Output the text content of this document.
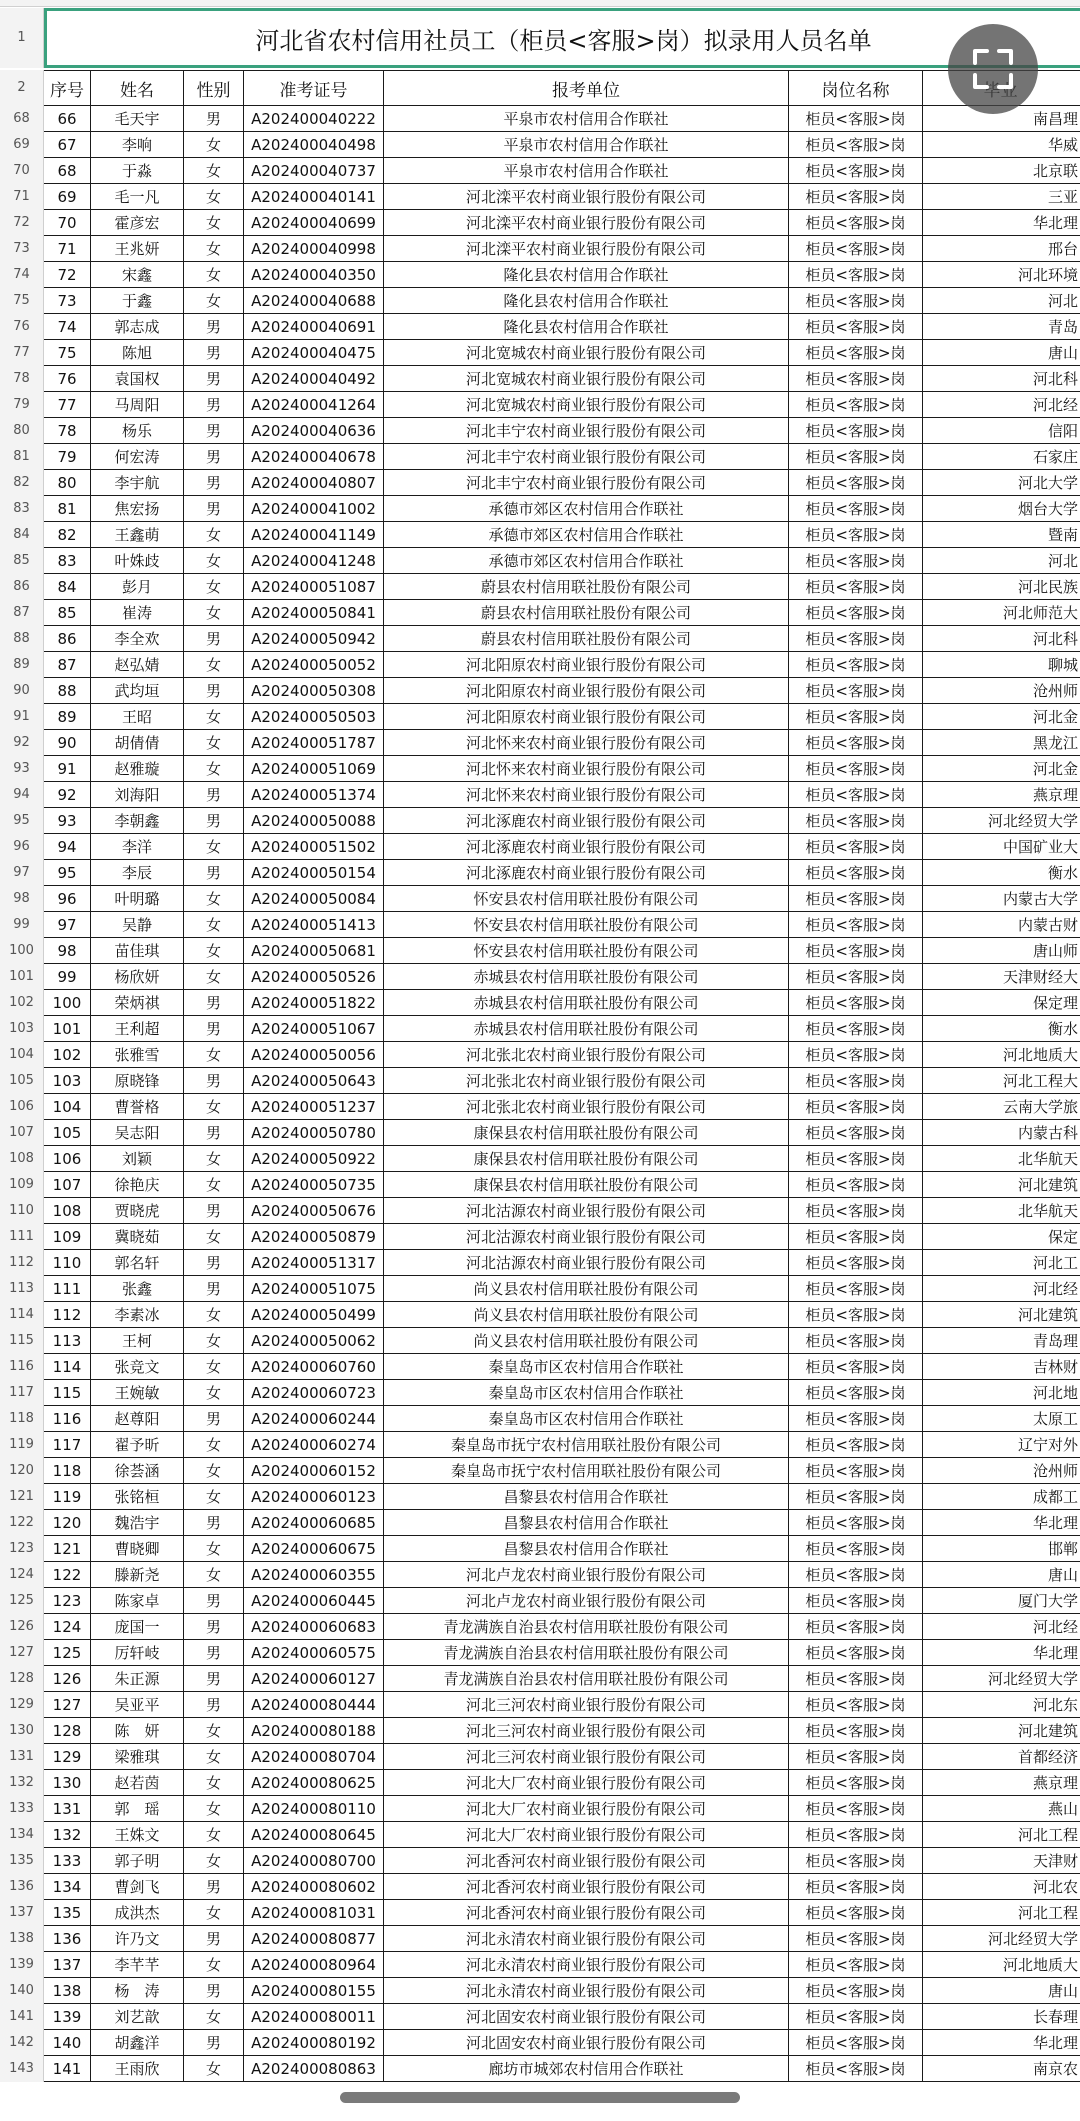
1	河北省农村信用社员工（柜员<客服>岗）拟录用人员名单
2	序号	姓名	性别	准考证号	报考单位	岗位名称
68	66	毛天宇	男	A202400040222	平泉市农村信用合作联社	柜员<客服>岗	南昌理
69	67	李响	女	A202400040498	平泉市农村信用合作联社	柜员<客服>岗	华威
70	68	于淼	女	A202400040737	平泉市农村信用合作联社	柜员<客服>岗	北京联
71	69	毛一凡	女	A202400040141	河北滦平农村商业银行股份有限公司	柜员<客服>岗	三亚
72	70	霍彦宏	女	A202400040699	河北滦平农村商业银行股份有限公司	柜员<客服>岗	华北理
73	71	王兆妍	女	A202400040998	河北滦平农村商业银行股份有限公司	柜员<客服>岗	邢台
74	72	宋鑫	女	A202400040350	隆化县农村信用合作联社	柜员<客服>岗	河北环境
75	73	于鑫	女	A202400040688	隆化县农村信用合作联社	柜员<客服>岗	河北
76	74	郭志成	男	A202400040691	隆化县农村信用合作联社	柜员<客服>岗	青岛
77	75	陈旭	男	A202400040475	河北宽城农村商业银行股份有限公司	柜员<客服>岗	唐山
78	76	袁国权	男	A202400040492	河北宽城农村商业银行股份有限公司	柜员<客服>岗	河北科
79	77	马周阳	男	A202400041264	河北宽城农村商业银行股份有限公司	柜员<客服>岗	河北经
80	78	杨乐	男	A202400040636	河北丰宁农村商业银行股份有限公司	柜员<客服>岗	信阳
81	79	何宏涛	男	A202400040678	河北丰宁农村商业银行股份有限公司	柜员<客服>岗	石家庄
82	80	李宇航	男	A202400040807	河北丰宁农村商业银行股份有限公司	柜员<客服>岗	河北大学
83	81	焦宏扬	男	A202400041002	承德市郊区农村信用合作联社	柜员<客服>岗	烟台大学
84	82	王鑫萌	女	A202400041149	承德市郊区农村信用合作联社	柜员<客服>岗	暨南
85	83	叶姝歧	女	A202400041248	承德市郊区农村信用合作联社	柜员<客服>岗	河北
86	84	彭月	女	A202400051087	蔚县农村信用联社股份有限公司	柜员<客服>岗	河北民族
87	85	崔涛	女	A202400050841	蔚县农村信用联社股份有限公司	柜员<客服>岗	河北师范大
88	86	李全欢	男	A202400050942	蔚县农村信用联社股份有限公司	柜员<客服>岗	河北科
89	87	赵弘婧	女	A202400050052	河北阳原农村商业银行股份有限公司	柜员<客服>岗	聊城
90	88	武均垣	男	A202400050308	河北阳原农村商业银行股份有限公司	柜员<客服>岗	沧州师
91	89	王昭	女	A202400050503	河北阳原农村商业银行股份有限公司	柜员<客服>岗	河北金
92	90	胡倩倩	女	A202400051787	河北怀来农村商业银行股份有限公司	柜员<客服>岗	黑龙江
93	91	赵雅璇	女	A202400051069	河北怀来农村商业银行股份有限公司	柜员<客服>岗	河北金
94	92	刘海阳	男	A202400051374	河北怀来农村商业银行股份有限公司	柜员<客服>岗	燕京理
95	93	李朝鑫	男	A202400050088	河北涿鹿农村商业银行股份有限公司	柜员<客服>岗	河北经贸大学
96	94	李洋	女	A202400051502	河北涿鹿农村商业银行股份有限公司	柜员<客服>岗	中国矿业大
97	95	李辰	男	A202400050154	河北涿鹿农村商业银行股份有限公司	柜员<客服>岗	衡水
98	96	叶明璐	女	A202400050084	怀安县农村信用联社股份有限公司	柜员<客服>岗	内蒙古大学
99	97	吴静	女	A202400051413	怀安县农村信用联社股份有限公司	柜员<客服>岗	内蒙古财
100	98	苗佳琪	女	A202400050681	怀安县农村信用联社股份有限公司	柜员<客服>岗	唐山师
101	99	杨欣妍	女	A202400050526	赤城县农村信用联社股份有限公司	柜员<客服>岗	天津财经大
102	100	荣炳祺	男	A202400051822	赤城县农村信用联社股份有限公司	柜员<客服>岗	保定理
103	101	王利超	男	A202400051067	赤城县农村信用联社股份有限公司	柜员<客服>岗	衡水
104	102	张雅雪	女	A202400050056	河北张北农村商业银行股份有限公司	柜员<客服>岗	河北地质大
105	103	原晓锋	男	A202400050643	河北张北农村商业银行股份有限公司	柜员<客服>岗	河北工程大
106	104	曹誉格	女	A202400051237	河北张北农村商业银行股份有限公司	柜员<客服>岗	云南大学旅
107	105	吴志阳	男	A202400050780	康保县农村信用联社股份有限公司	柜员<客服>岗	内蒙古科
108	106	刘颖	女	A202400050922	康保县农村信用联社股份有限公司	柜员<客服>岗	北华航天
109	107	徐艳庆	女	A202400050735	康保县农村信用联社股份有限公司	柜员<客服>岗	河北建筑
110	108	贾晓虎	男	A202400050676	河北沽源农村商业银行股份有限公司	柜员<客服>岗	北华航天
111	109	冀晓茹	女	A202400050879	河北沽源农村商业银行股份有限公司	柜员<客服>岗	保定
112	110	郭名轩	男	A202400051317	河北沽源农村商业银行股份有限公司	柜员<客服>岗	河北工
113	111	张鑫	男	A202400051075	尚义县农村信用联社股份有限公司	柜员<客服>岗	河北经
114	112	李素冰	女	A202400050499	尚义县农村信用联社股份有限公司	柜员<客服>岗	河北建筑
115	113	王柯	女	A202400050062	尚义县农村信用联社股份有限公司	柜员<客服>岗	青岛理
116	114	张竞文	女	A202400060760	秦皇岛市区农村信用合作联社	柜员<客服>岗	吉林财
117	115	王婉敏	女	A202400060723	秦皇岛市区农村信用合作联社	柜员<客服>岗	河北地
118	116	赵尊阳	男	A202400060244	秦皇岛市区农村信用合作联社	柜员<客服>岗	太原工
119	117	翟予昕	女	A202400060274	秦皇岛市抚宁农村信用联社股份有限公司	柜员<客服>岗	辽宁对外
120	118	徐荟涵	女	A202400060152	秦皇岛市抚宁农村信用联社股份有限公司	柜员<客服>岗	沧州师
121	119	张铭桓	女	A202400060123	昌黎县农村信用合作联社	柜员<客服>岗	成都工
122	120	魏浩宇	男	A202400060685	昌黎县农村信用合作联社	柜员<客服>岗	华北理
123	121	曹晓卿	女	A202400060675	昌黎县农村信用合作联社	柜员<客服>岗	邯郸
124	122	滕新尧	女	A202400060355	河北卢龙农村商业银行股份有限公司	柜员<客服>岗	唐山
125	123	陈家卓	男	A202400060445	河北卢龙农村商业银行股份有限公司	柜员<客服>岗	厦门大学
126	124	庞国一	男	A202400060683	青龙满族自治县农村信用联社股份有限公司	柜员<客服>岗	河北经
127	125	厉轩岐	男	A202400060575	青龙满族自治县农村信用联社股份有限公司	柜员<客服>岗	华北理
128	126	朱正源	男	A202400060127	青龙满族自治县农村信用联社股份有限公司	柜员<客服>岗	河北经贸大学
129	127	吴亚平	男	A202400080444	河北三河农村商业银行股份有限公司	柜员<客服>岗	河北东
130	128	陈　妍	女	A202400080188	河北三河农村商业银行股份有限公司	柜员<客服>岗	河北建筑
131	129	梁雅琪	女	A202400080704	河北三河农村商业银行股份有限公司	柜员<客服>岗	首都经济
132	130	赵若茵	女	A202400080625	河北大厂农村商业银行股份有限公司	柜员<客服>岗	燕京理
133	131	郭　瑶	女	A202400080110	河北大厂农村商业银行股份有限公司	柜员<客服>岗	燕山
134	132	王姝文	女	A202400080645	河北大厂农村商业银行股份有限公司	柜员<客服>岗	河北工程
135	133	郭子明	女	A202400080700	河北香河农村商业银行股份有限公司	柜员<客服>岗	天津财
136	134	曹剑飞	男	A202400080602	河北香河农村商业银行股份有限公司	柜员<客服>岗	河北农
137	135	成洪杰	女	A202400081031	河北香河农村商业银行股份有限公司	柜员<客服>岗	河北工程
138	136	许乃文	男	A202400080877	河北永清农村商业银行股份有限公司	柜员<客服>岗	河北经贸大学
139	137	李芊芊	女	A202400080964	河北永清农村商业银行股份有限公司	柜员<客服>岗	河北地质大
140	138	杨　涛	男	A202400080155	河北永清农村商业银行股份有限公司	柜员<客服>岗	唐山
141	139	刘艺歆	女	A202400080011	河北固安农村商业银行股份有限公司	柜员<客服>岗	长春理
142	140	胡鑫洋	男	A202400080192	河北固安农村商业银行股份有限公司	柜员<客服>岗	华北理
143	141	王雨欣	女	A202400080863	廊坊市城郊农村信用合作联社	柜员<客服>岗	南京农
